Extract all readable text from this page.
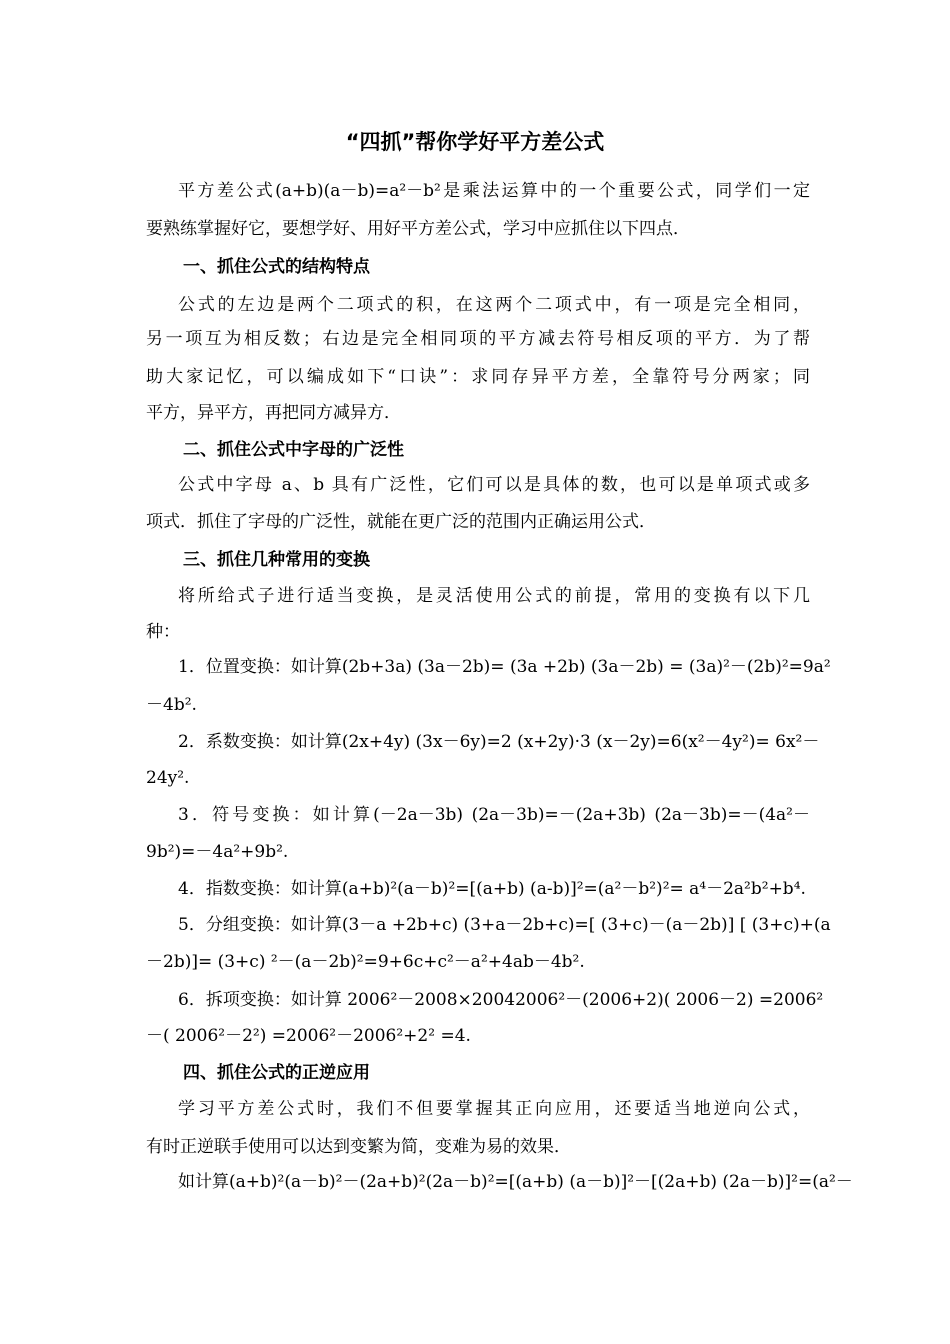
“四抓”帮你学好平方差公式
平方差公式(a+b)(a－b)=a²－b²是乘法运算中的一个重要公式，同学们一定
要熟练掌握好它，要想学好、用好平方差公式，学习中应抓住以下四点．
一、抓住公式的结构特点
公式的左边是两个二项式的积，在这两个二项式中，有一项是完全相同，
另一项互为相反数；右边是完全相同项的平方减去符号相反项的平方．为了帮
助大家记忆，可以编成如下“口诀”：求同存异平方差，全靠符号分两家；同
平方，异平方，再把同方减异方．
二、抓住公式中字母的广泛性
公式中字母 a、b 具有广泛性，它们可以是具体的数，也可以是单项式或多
项式．抓住了字母的广泛性，就能在更广泛的范围内正确运用公式．
三、抓住几种常用的变换
将所给式子进行适当变换，是灵活使用公式的前提，常用的变换有以下几
种：
1．位置变换：如计算(2b+3a) (3a－2b)= (3a +2b) (3a－2b) = (3a)²－(2b)²=9a²
－4b².
2．系数变换：如计算(2x+4y) (3x－6y)=2 (x+2y)·3 (x－2y)=6(x²－4y²)= 6x²－
24y².
3．符号变换：如计算(－2a－3b) (2a－3b)=－(2a+3b) (2a－3b)=－(4a²－
9b²)=－4a²+9b².
4．指数变换：如计算(a+b)²(a－b)²=[(a+b) (a-b)]²=(a²－b²)²= a⁴－2a²b²+b⁴.
5．分组变换：如计算(3－a +2b+c) (3+a－2b+c)=[ (3+c)－(a－2b)] [ (3+c)+(a
－2b)]= (3+c) ²－(a－2b)²=9+6c+c²－a²+4ab－4b².
6．拆项变换：如计算 2006²－2008×20042006²－(2006+2)( 2006－2) =2006²
－( 2006²－2²) =2006²－2006²+2² =4.
四、抓住公式的正逆应用
学习平方差公式时，我们不但要掌握其正向应用，还要适当地逆向公式，
有时正逆联手使用可以达到变繁为简，变难为易的效果．
如计算(a+b)²(a－b)²－(2a+b)²(2a－b)²=[(a+b) (a－b)]²－[(2a+b) (2a－b)]²=(a²－
